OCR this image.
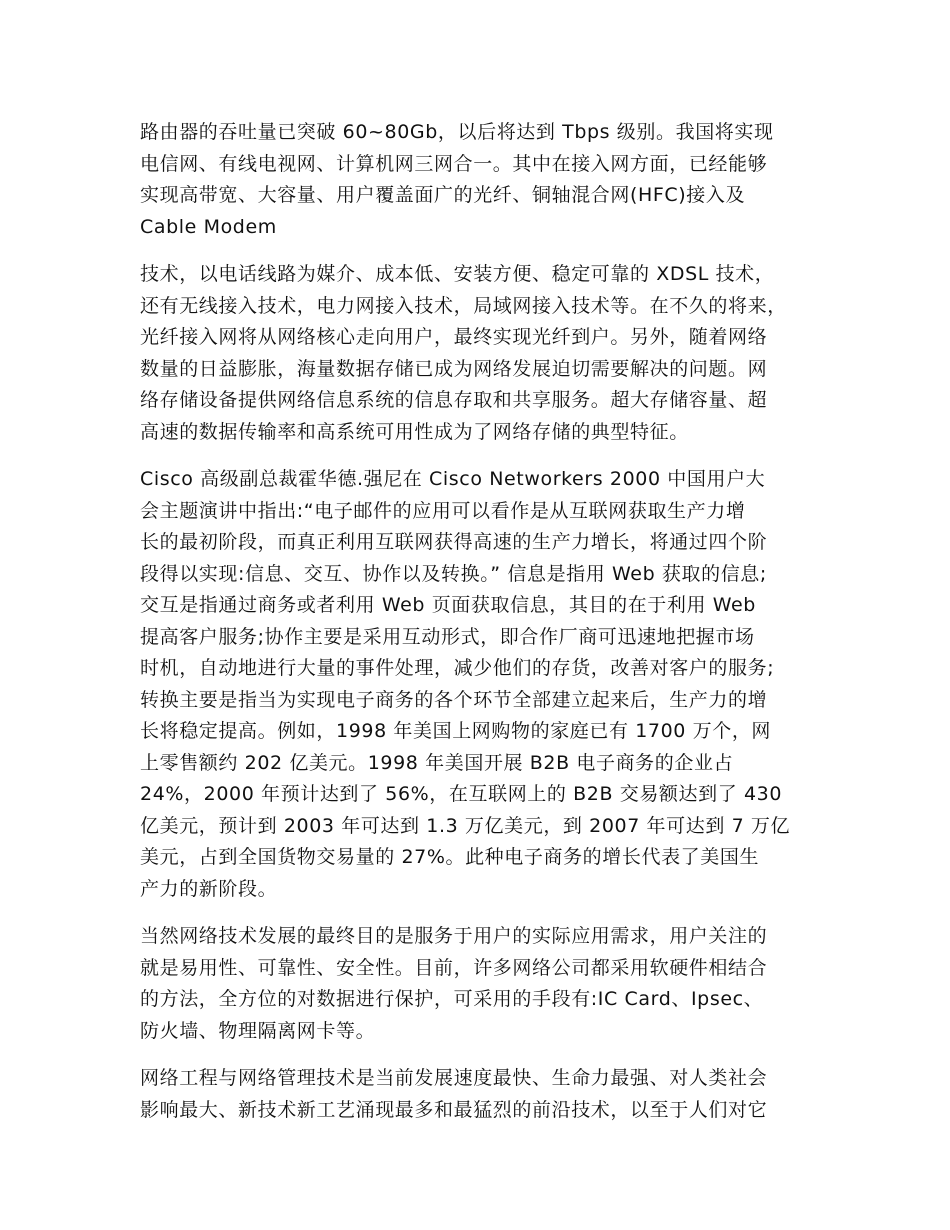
路由器的吞吐量已突破 60~80Gb，以后将达到 Tbps 级别。我国将实现
电信网、有线电视网、计算机网三网合一。其中在接入网方面，已经能够
实现高带宽、大容量、用户覆盖面广的光纤、铜轴混合网(HFC)接入及
Cable Modem

技术，以电话线路为媒介、成本低、安装方便、稳定可靠的 XDSL 技术，
还有无线接入技术，电力网接入技术，局域网接入技术等。在不久的将来，
光纤接入网将从网络核心走向用户，最终实现光纤到户。另外，随着网络
数量的日益膨胀，海量数据存储已成为网络发展迫切需要解决的问题。网
络存储设备提供网络信息系统的信息存取和共享服务。超大存储容量、超
高速的数据传输率和高系统可用性成为了网络存储的典型特征。

Cisco 高级副总裁霍华德.强尼在 Cisco Networkers 2000 中国用户大
会主题演讲中指出:“电子邮件的应用可以看作是从互联网获取生产力增
长的最初阶段，而真正利用互联网获得高速的生产力增长，将通过四个阶
段得以实现:信息、交互、协作以及转换。” 信息是指用 Web 获取的信息;
交互是指通过商务或者利用 Web 页面获取信息，其目的在于利用 Web
提高客户服务;协作主要是采用互动形式，即合作厂商可迅速地把握市场
时机，自动地进行大量的事件处理，减少他们的存货，改善对客户的服务;
转换主要是指当为实现电子商务的各个环节全部建立起来后，生产力的增
长将稳定提高。例如，1998 年美国上网购物的家庭已有 1700 万个，网
上零售额约 202 亿美元。1998 年美国开展 B2B 电子商务的企业占
24%，2000 年预计达到了 56%，在互联网上的 B2B 交易额达到了 430
亿美元，预计到 2003 年可达到 1.3 万亿美元，到 2007 年可达到 7 万亿
美元，占到全国货物交易量的 27%。此种电子商务的增长代表了美国生
产力的新阶段。

当然网络技术发展的最终目的是服务于用户的实际应用需求，用户关注的
就是易用性、可靠性、安全性。目前，许多网络公司都采用软硬件相结合
的方法，全方位的对数据进行保护，可采用的手段有:IC Card、Ipsec、
防火墙、物理隔离网卡等。

网络工程与网络管理技术是当前发展速度最快、生命力最强、对人类社会
影响最大、新技术新工艺涌现最多和最猛烈的前沿技术，以至于人们对它
